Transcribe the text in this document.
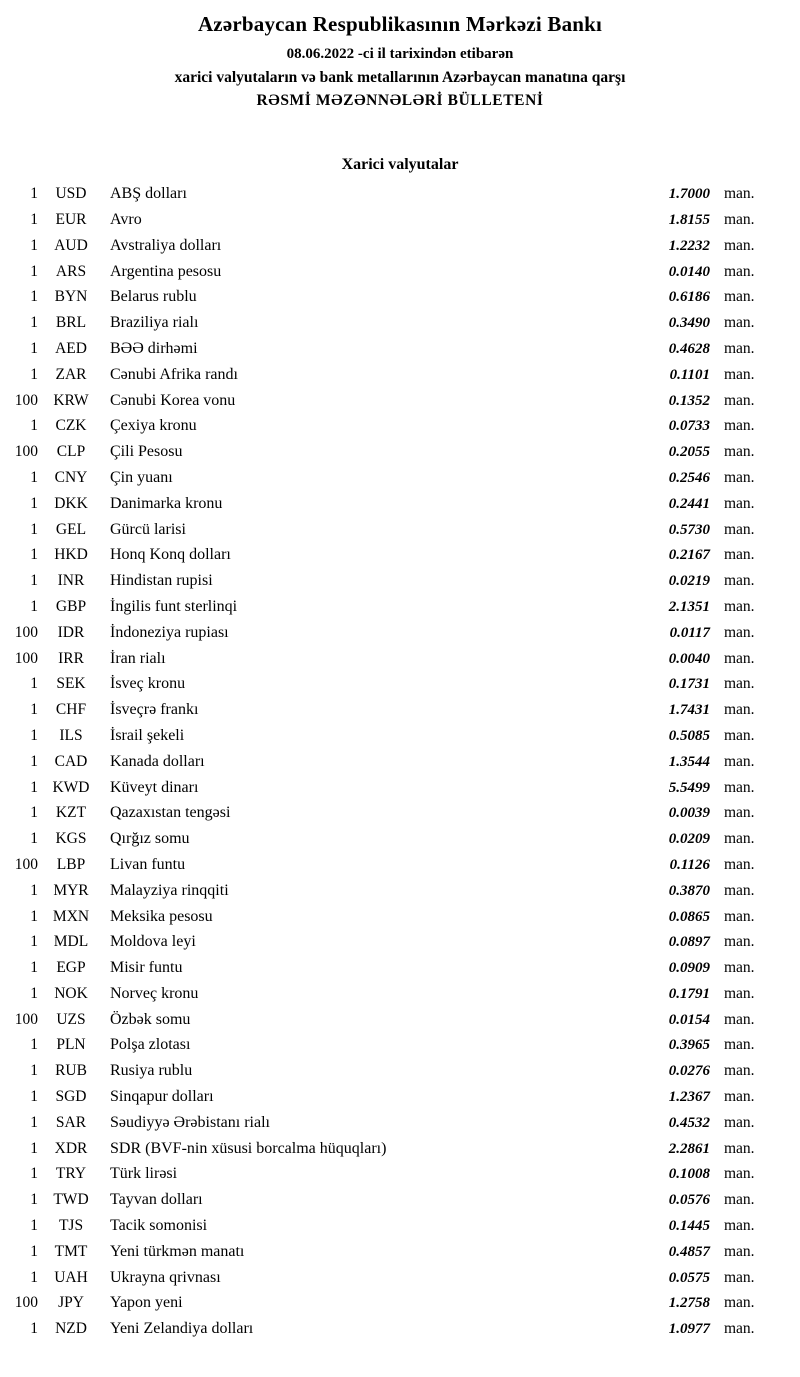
Azərbaycan Respublikasının Mərkəzi Bankı
08.06.2022 -ci il tarixindən etibarən
xarici valyutaların və bank metallarının Azərbaycan manatına qarşı
RƏSMİ MƏZƏNNƏLƏRİ BÜLLETENİ
Xarici valyutalar
1	USD	ABŞ dolları	1.7000 man.
1	EUR	Avro	1.8155 man.
1	AUD	Avstraliya dolları	1.2232 man.
1	ARS	Argentina pesosu	0.0140 man.
1	BYN	Belarus rublu	0.6186 man.
1	BRL	Braziliya rialı	0.3490 man.
1	AED	BƏƏ dirhəmi	0.4628 man.
1	ZAR	Cənubi Afrika randı	0.1101 man.
100 KRW	Cənubi Korea vonu	0.1352 man.
1	CZK	Çexiya kronu	0.0733 man.
100	CLP	Çili Pesosu	0.2055 man.
1	CNY	Çin yuanı	0.2546 man.
1	DKK	Danimarka kronu	0.2441 man.
1	GEL	Gürcü larisi	0.5730 man.
1	HKD	Honq Konq dolları	0.2167 man.
1	INR	Hindistan rupisi	0.0219 man.
1	GBP	İngilis funt sterlinqi	2.1351 man.
100	IDR	İndoneziya rupiası	0.0117 man.
100	IRR	İran rialı	0.0040 man.
1	SEK	İsveç kronu	0.1731 man.
1	CHF	İsveçrə frankı	1.7431 man.
1	ILS	İsrail şekeli	0.5085 man.
1	CAD	Kanada dolları	1.3544 man.
1 KWD	Küveyt dinarı	5.5499 man.
1	KZT	Qazaxıstan tengəsi	0.0039 man.
1	KGS	Qırğız somu	0.0209 man.
100	LBP	Livan funtu	0.1126 man.
1 MYR	Malayziya rinqqiti	0.3870 man.
1 MXN	Meksika pesosu	0.0865 man.
1	MDL	Moldova leyi	0.0897 man.
1	EGP	Misir funtu	0.0909 man.
1	NOK	Norveç kronu	0.1791 man.
100	UZS	Özbək somu	0.0154 man.
1	PLN	Polşa zlotası	0.3965 man.
1	RUB	Rusiya rublu	0.0276 man.
1	SGD	Sinqapur dolları	1.2367 man.
1	SAR	Səudiyyə Ərəbistanı rialı	0.4532 man.
1	XDR	SDR (BVF-nin xüsusi borcalma hüquqları)	2.2861 man.
1	TRY	Türk lirəsi	0.1008 man.
1 TWD	Tayvan dolları	0.0576 man.
1	TJS	Tacik somonisi	0.1445 man.
1	TMT	Yeni türkmən manatı	0.4857 man.
1	UAH	Ukrayna qrivnası	0.0575 man.
100	JPY	Yapon yeni	1.2758 man.
1	NZD	Yeni Zelandiya dolları	1.0977 man.
